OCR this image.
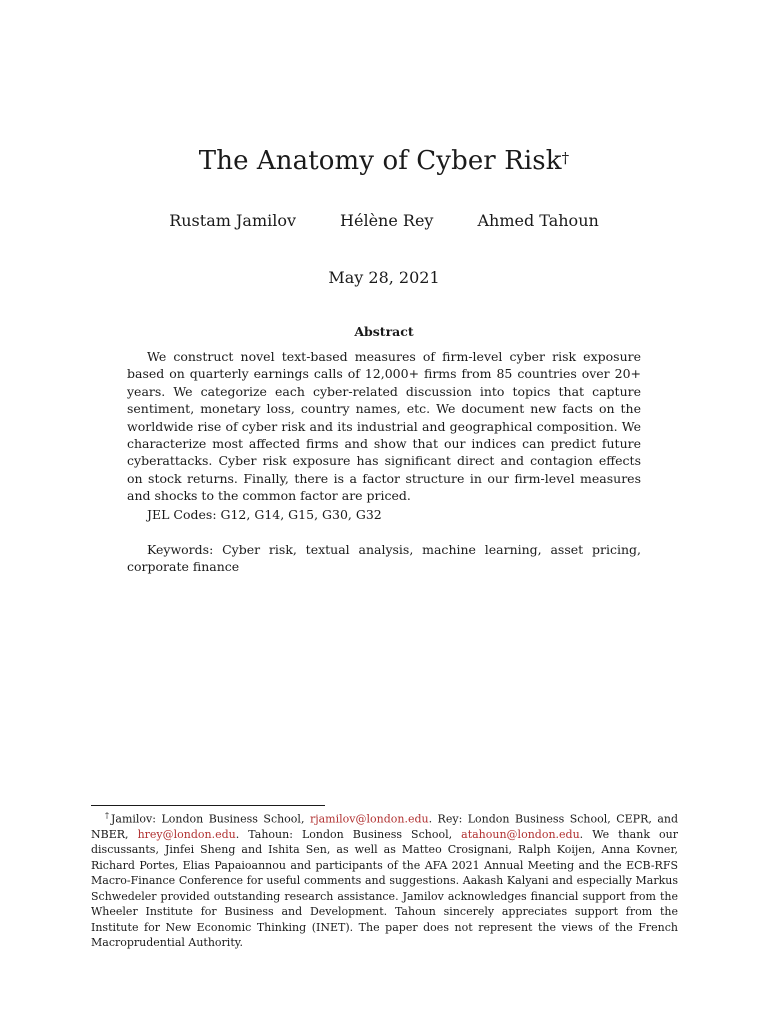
The Anatomy of Cyber Risk†
Rustam Jamilov	Hélène Rey	Ahmed Tahoun
May 28, 2021
Abstract

We construct novel text-based measures of firm-level cyber risk exposure based on quarterly earnings calls of 12,000+ firms from 85 countries over 20+ years. We categorize each cyber-related discussion into topics that capture sentiment, monetary loss, country names, etc. We document new facts on the worldwide rise of cyber risk and its industrial and geographical composition. We characterize most affected firms and show that our indices can predict future cyberattacks. Cyber risk exposure has significant direct and contagion effects on stock returns. Finally, there is a factor structure in our firm-level measures and shocks to the common factor are priced.

JEL Codes: G12, G14, G15, G30, G32

Keywords: Cyber risk, textual analysis, machine learning, asset pricing, corporate finance

†Jamilov: London Business School, rjamilov@london.edu. Rey: London Business School, CEPR, and NBER, hrey@london.edu. Tahoun: London Business School, atahoun@london.edu. We thank our discussants, Jinfei Sheng and Ishita Sen, as well as Matteo Crosignani, Ralph Koijen, Anna Kovner, Richard Portes, Elias Papaioannou and participants of the AFA 2021 Annual Meeting and the ECB-RFS Macro-Finance Conference for useful comments and suggestions. Aakash Kalyani and especially Markus Schwedeler provided outstanding research assistance. Jamilov acknowledges financial support from the Wheeler Institute for Business and Development. Tahoun sincerely appreciates support from the Institute for New Economic Thinking (INET). The paper does not represent the views of the French Macroprudential Authority.
